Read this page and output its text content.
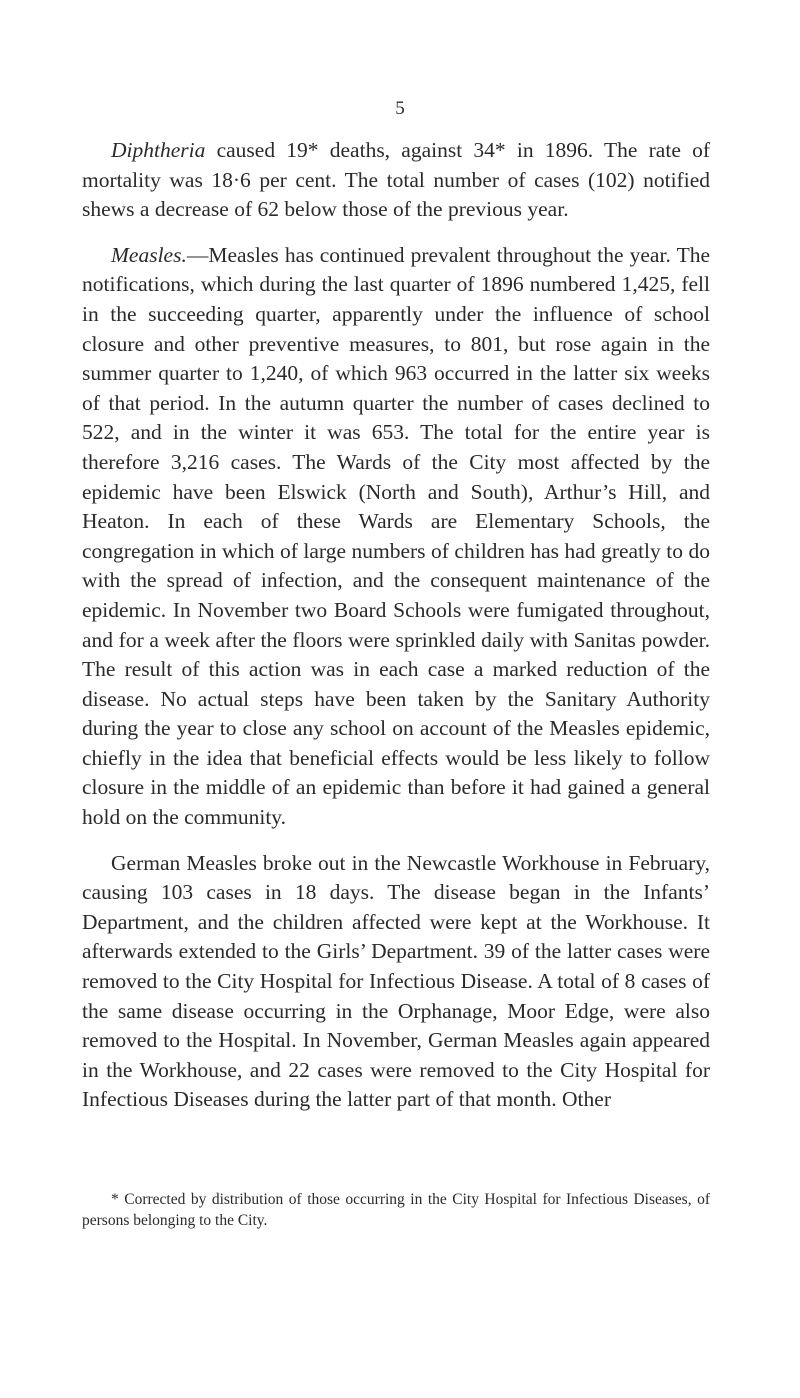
5

Diphtheria caused 19* deaths, against 34* in 1896. The rate of mortality was 18·6 per cent. The total number of cases (102) notified shews a decrease of 62 below those of the previous year.

Measles.—Measles has continued prevalent throughout the year. The notifications, which during the last quarter of 1896 numbered 1,425, fell in the succeeding quarter, apparently under the influence of school closure and other preventive measures, to 801, but rose again in the summer quarter to 1,240, of which 963 occurred in the latter six weeks of that period. In the autumn quarter the number of cases declined to 522, and in the winter it was 653. The total for the entire year is therefore 3,216 cases. The Wards of the City most affected by the epidemic have been Elswick (North and South), Arthur’s Hill, and Heaton. In each of these Wards are Elementary Schools, the congregation in which of large numbers of children has had greatly to do with the spread of infection, and the consequent maintenance of the epidemic. In November two Board Schools were fumigated throughout, and for a week after the floors were sprinkled daily with Sanitas powder. The result of this action was in each case a marked reduction of the disease. No actual steps have been taken by the Sanitary Authority during the year to close any school on account of the Measles epidemic, chiefly in the idea that beneficial effects would be less likely to follow closure in the middle of an epidemic than before it had gained a general hold on the community.

German Measles broke out in the Newcastle Workhouse in February, causing 103 cases in 18 days. The disease began in the Infants’ Department, and the children affected were kept at the Workhouse. It afterwards extended to the Girls’ Department. 39 of the latter cases were removed to the City Hospital for Infectious Disease. A total of 8 cases of the same disease occurring in the Orphanage, Moor Edge, were also removed to the Hospital. In November, German Measles again appeared in the Workhouse, and 22 cases were removed to the City Hospital for Infectious Diseases during the latter part of that month. Other

* Corrected by distribution of those occurring in the City Hospital for Infectious Diseases, of persons belonging to the City.
